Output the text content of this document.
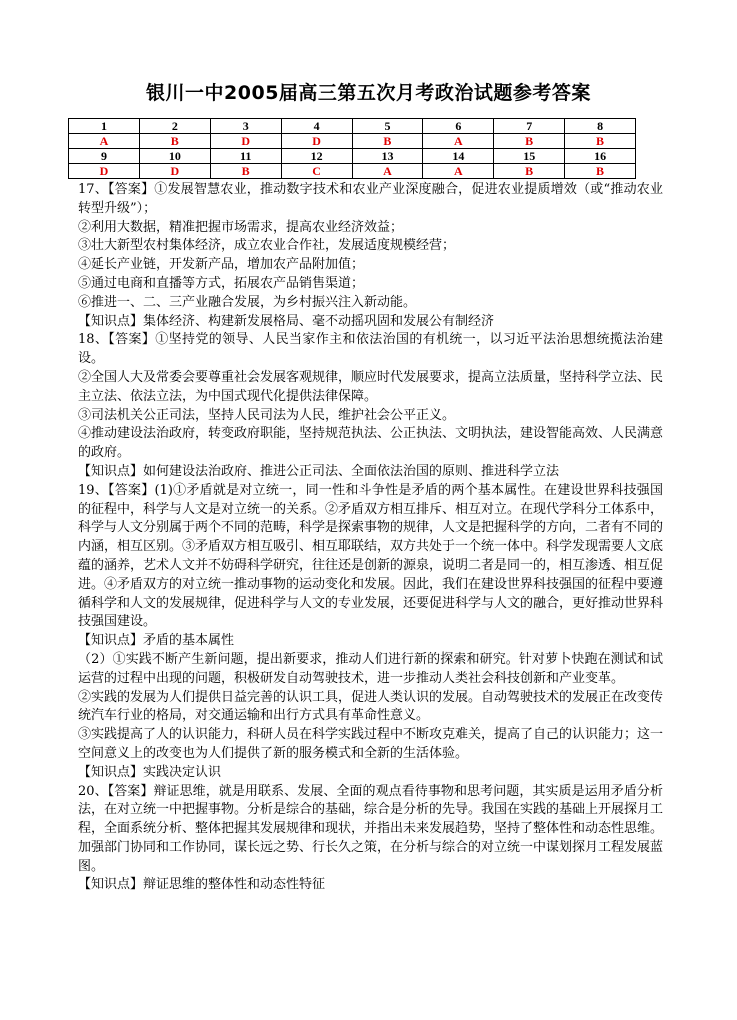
银川一中2005届高三第五次月考政治试题参考答案
1	2	3	4	5	6	7	8
A	B	D	D	B	A	B	B
9	10	11	12	13	14	15	16
D	D	B	C	A	A	B	B

17、【答案】①发展智慧农业，推动数字技术和农业产业深度融合，促进农业提质增效（或“推动农业转型升级”）；

②利用大数据，精准把握市场需求，提高农业经济效益；

③壮大新型农村集体经济，成立农业合作社，发展适度规模经营；

④延长产业链，开发新产品，增加农产品附加值；

⑤通过电商和直播等方式，拓展农产品销售渠道；

⑥推进一、二、三产业融合发展，为乡村振兴注入新动能。

【知识点】集体经济、构建新发展格局、毫不动摇巩固和发展公有制经济

18、【答案】①坚持党的领导、人民当家作主和依法治国的有机统一，以习近平法治思想统揽法治建设。

②全国人大及常委会要尊重社会发展客观规律，顺应时代发展要求，提高立法质量，坚持科学立法、民主立法、依法立法，为中国式现代化提供法律保障。

③司法机关公正司法，坚持人民司法为人民，维护社会公平正义。

④推动建设法治政府，转变政府职能，坚持规范执法、公正执法、文明执法，建设智能高效、人民满意的政府。

【知识点】如何建设法治政府、推进公正司法、全面依法治国的原则、推进科学立法

19、【答案】(1)①矛盾就是对立统一，同一性和斗争性是矛盾的两个基本属性。在建设世界科技强国的征程中，科学与人文是对立统一的关系。②矛盾双方相互排斥、相互对立。在现代学科分工体系中，科学与人文分别属于两个不同的范畴，科学是探索事物的规律，人文是把握科学的方向，二者有不同的内涵，相互区别。③矛盾双方相互吸引、相互耶联结，双方共处于一个统一体中。科学发现需要人文底蕴的涵养，艺术人文并不妨碍科学研究，往往还是创新的源泉，说明二者是同一的，相互渗透、相互促进。④矛盾双方的对立统一推动事物的运动变化和发展。因此，我们在建设世界科技强国的征程中要遵循科学和人文的发展规律，促进科学与人文的专业发展，还要促进科学与人文的融合，更好推动世界科技强国建设。

【知识点】矛盾的基本属性

（2）①实践不断产生新问题，提出新要求，推动人们进行新的探索和研究。针对萝卜快跑在测试和试运营的过程中出现的问题，积极研发自动驾驶技术，进一步推动人类社会科技创新和产业变革。

②实践的发展为人们提供日益完善的认识工具，促进人类认识的发展。自动驾驶技术的发展正在改变传统汽车行业的格局，对交通运输和出行方式具有革命性意义。

③实践提高了人的认识能力，科研人员在科学实践过程中不断攻克难关，提高了自己的认识能力；这一空间意义上的改变也为人们提供了新的服务模式和全新的生活体验。

【知识点】实践决定认识

20、【答案】辩证思维，就是用联系、发展、全面的观点看待事物和思考问题，其实质是运用矛盾分析法，在对立统一中把握事物。分析是综合的基础，综合是分析的先导。我国在实践的基础上开展探月工程，全面系统分析、整体把握其发展规律和现状，并指出未来发展趋势，坚持了整体性和动态性思维。加强部门协同和工作协同，谋长远之势、行长久之策，在分析与综合的对立统一中谋划探月工程发展蓝图。

【知识点】辩证思维的整体性和动态性特征
